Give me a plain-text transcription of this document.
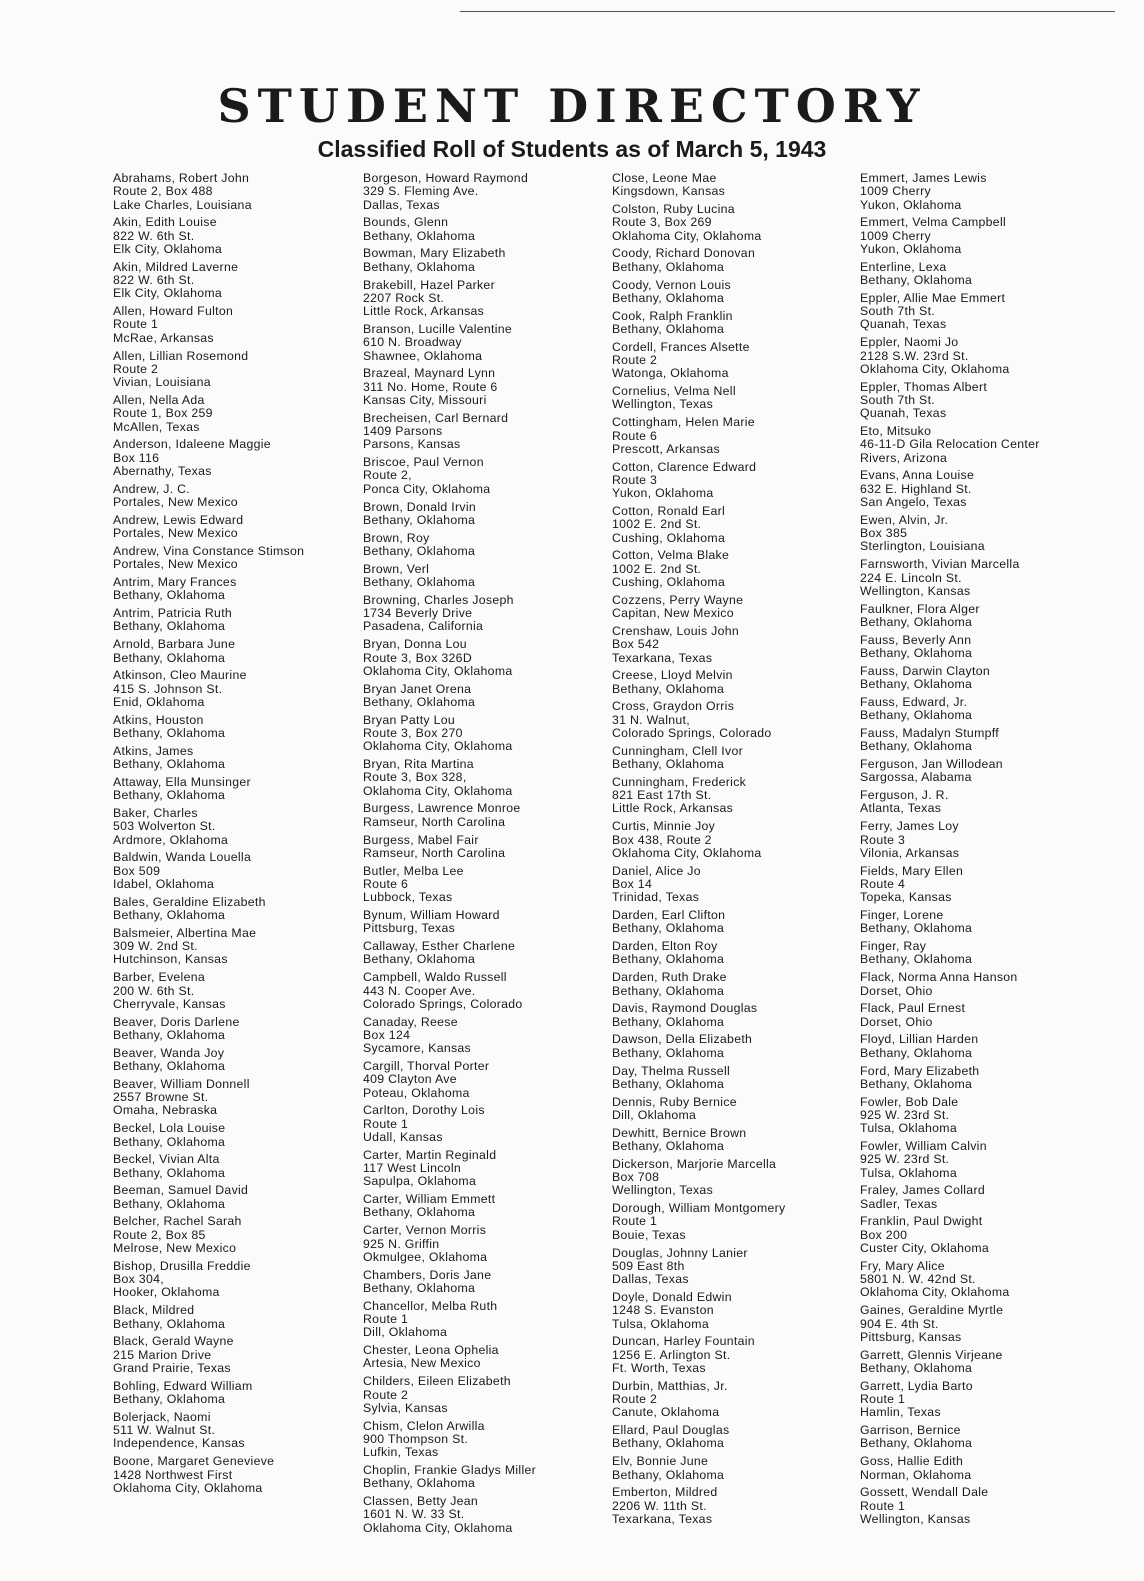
STUDENT DIRECTORY
Classified Roll of Students as of March 5, 1943
Abrahams, Robert John
Route 2, Box 488
Lake Charles, Louisiana
Akin, Edith Louise
822 W. 6th St.
Elk City, Oklahoma
Akin, Mildred Laverne
822 W. 6th St.
Elk City, Oklahoma
Allen, Howard Fulton
Route 1
McRae, Arkansas
Allen, Lillian Rosemond
Route 2
Vivian, Louisiana
Allen, Nella Ada
Route 1, Box 259
McAllen, Texas
Anderson, Idaleene Maggie
Box 116
Abernathy, Texas
Andrew, J. C.
Portales, New Mexico
Andrew, Lewis Edward
Portales, New Mexico
Andrew, Vina Constance Stimson
Portales, New Mexico
Antrim, Mary Frances
Bethany, Oklahoma
Antrim, Patricia Ruth
Bethany, Oklahoma
Arnold, Barbara June
Bethany, Oklahoma
Atkinson, Cleo Maurine
415 S. Johnson St.
Enid, Oklahoma
Atkins, Houston
Bethany, Oklahoma
Atkins, James
Bethany, Oklahoma
Attaway, Ella Munsinger
Bethany, Oklahoma
Baker, Charles
503 Wolverton St.
Ardmore, Oklahoma
Baldwin, Wanda Louella
Box 509
Idabel, Oklahoma
Bales, Geraldine Elizabeth
Bethany, Oklahoma
Balsmeier, Albertina Mae
309 W. 2nd St.
Hutchinson, Kansas
Barber, Evelena
200 W. 6th St.
Cherryvale, Kansas
Beaver, Doris Darlene
Bethany, Oklahoma
Beaver, Wanda Joy
Bethany, Oklahoma
Beaver, William Donnell
2557 Browne St.
Omaha, Nebraska
Beckel, Lola Louise
Bethany, Oklahoma
Beckel, Vivian Alta
Bethany, Oklahoma
Beeman, Samuel David
Bethany, Oklahoma
Belcher, Rachel Sarah
Route 2, Box 85
Melrose, New Mexico
Bishop, Drusilla Freddie
Box 304,
Hooker, Oklahoma
Black, Mildred
Bethany, Oklahoma
Black, Gerald Wayne
215 Marion Drive
Grand Prairie, Texas
Bohling, Edward William
Bethany, Oklahoma
Bolerjack, Naomi
511 W. Walnut St.
Independence, Kansas
Boone, Margaret Genevieve
1428 Northwest First
Oklahoma City, Oklahoma
Borgeson, Howard Raymond
329 S. Fleming Ave.
Dallas, Texas
Bounds, Glenn
Bethany, Oklahoma
Bowman, Mary Elizabeth
Bethany, Oklahoma
Brakebill, Hazel Parker
2207 Rock St.
Little Rock, Arkansas
Branson, Lucille Valentine
610 N. Broadway
Shawnee, Oklahoma
Brazeal, Maynard Lynn
311 No. Home, Route 6
Kansas City, Missouri
Brecheisen, Carl Bernard
1409 Parsons
Parsons, Kansas
Briscoe, Paul Vernon
Route 2,
Ponca City, Oklahoma
Brown, Donald Irvin
Bethany, Oklahoma
Brown, Roy
Bethany, Oklahoma
Brown, Verl
Bethany, Oklahoma
Browning, Charles Joseph
1734 Beverly Drive
Pasadena, California
Bryan, Donna Lou
Route 3, Box 326D
Oklahoma City, Oklahoma
Bryan Janet Orena
Bethany, Oklahoma
Bryan Patty Lou
Route 3, Box 270
Oklahoma City, Oklahoma
Bryan, Rita Martina
Route 3, Box 328,
Oklahoma City, Oklahoma
Burgess, Lawrence Monroe
Ramseur, North Carolina
Burgess, Mabel Fair
Ramseur, North Carolina
Butler, Melba Lee
Route 6
Lubbock, Texas
Bynum, William Howard
Pittsburg, Texas
Callaway, Esther Charlene
Bethany, Oklahoma
Campbell, Waldo Russell
443 N. Cooper Ave.
Colorado Springs, Colorado
Canaday, Reese
Box 124
Sycamore, Kansas
Cargill, Thorval Porter
409 Clayton Ave
Poteau, Oklahoma
Carlton, Dorothy Lois
Route 1
Udall, Kansas
Carter, Martin Reginald
117 West Lincoln
Sapulpa, Oklahoma
Carter, William Emmett
Bethany, Oklahoma
Carter, Vernon Morris
925 N. Griffin
Okmulgee, Oklahoma
Chambers, Doris Jane
Bethany, Oklahoma
Chancellor, Melba Ruth
Route 1
Dill, Oklahoma
Chester, Leona Ophelia
Artesia, New Mexico
Childers, Eileen Elizabeth
Route 2
Sylvia, Kansas
Chism, Clelon Arwilla
900 Thompson St.
Lufkin, Texas
Choplin, Frankie Gladys Miller
Bethany, Oklahoma
Classen, Betty Jean
1601 N. W. 33 St.
Oklahoma City, Oklahoma
Close, Leone Mae
Kingsdown, Kansas
Colston, Ruby Lucina
Route 3, Box 269
Oklahoma City, Oklahoma
Coody, Richard Donovan
Bethany, Oklahoma
Coody, Vernon Louis
Bethany, Oklahoma
Cook, Ralph Franklin
Bethany, Oklahoma
Cordell, Frances Alsette
Route 2
Watonga, Oklahoma
Cornelius, Velma Nell
Wellington, Texas
Cottingham, Helen Marie
Route 6
Prescott, Arkansas
Cotton, Clarence Edward
Route 3
Yukon, Oklahoma
Cotton, Ronald Earl
1002 E. 2nd St.
Cushing, Oklahoma
Cotton, Velma Blake
1002 E. 2nd St.
Cushing, Oklahoma
Cozzens, Perry Wayne
Capitan, New Mexico
Crenshaw, Louis John
Box 542
Texarkana, Texas
Creese, Lloyd Melvin
Bethany, Oklahoma
Cross, Graydon Orris
31 N. Walnut,
Colorado Springs, Colorado
Cunningham, Clell Ivor
Bethany, Oklahoma
Cunningham, Frederick
821 East 17th St.
Little Rock, Arkansas
Curtis, Minnie Joy
Box 438, Route 2
Oklahoma City, Oklahoma
Daniel, Alice Jo
Box 14
Trinidad, Texas
Darden, Earl Clifton
Bethany, Oklahoma
Darden, Elton Roy
Bethany, Oklahoma
Darden, Ruth Drake
Bethany, Oklahoma
Davis, Raymond Douglas
Bethany, Oklahoma
Dawson, Della Elizabeth
Bethany, Oklahoma
Day, Thelma Russell
Bethany, Oklahoma
Dennis, Ruby Bernice
Dill, Oklahoma
Dewhitt, Bernice Brown
Bethany, Oklahoma
Dickerson, Marjorie Marcella
Box 708
Wellington, Texas
Dorough, William Montgomery
Route 1
Bouie, Texas
Douglas, Johnny Lanier
509 East 8th
Dallas, Texas
Doyle, Donald Edwin
1248 S. Evanston
Tulsa, Oklahoma
Duncan, Harley Fountain
1256 E. Arlington St.
Ft. Worth, Texas
Durbin, Matthias, Jr.
Route 2
Canute, Oklahoma
Ellard, Paul Douglas
Bethany, Oklahoma
Elv, Bonnie June
Bethany, Oklahoma
Emberton, Mildred
2206 W. 11th St.
Texarkana, Texas
Emmert, James Lewis
1009 Cherry
Yukon, Oklahoma
Emmert, Velma Campbell
1009 Cherry
Yukon, Oklahoma
Enterline, Lexa
Bethany, Oklahoma
Eppler, Allie Mae Emmert
South 7th St.
Quanah, Texas
Eppler, Naomi Jo
2128 S.W. 23rd St.
Oklahoma City, Oklahoma
Eppler, Thomas Albert
South 7th St.
Quanah, Texas
Eto, Mitsuko
46-11-D Gila Relocation Center
Rivers, Arizona
Evans, Anna Louise
632 E. Highland St.
San Angelo, Texas
Ewen, Alvin, Jr.
Box 385
Sterlington, Louisiana
Farnsworth, Vivian Marcella
224 E. Lincoln St.
Wellington, Kansas
Faulkner, Flora Alger
Bethany, Oklahoma
Fauss, Beverly Ann
Bethany, Oklahoma
Fauss, Darwin Clayton
Bethany, Oklahoma
Fauss, Edward, Jr.
Bethany, Oklahoma
Fauss, Madalyn Stumpff
Bethany, Oklahoma
Ferguson, Jan Willodean
Sargossa, Alabama
Ferguson, J. R.
Atlanta, Texas
Ferry, James Loy
Route 3
Vilonia, Arkansas
Fields, Mary Ellen
Route 4
Topeka, Kansas
Finger, Lorene
Bethany, Oklahoma
Finger, Ray
Bethany, Oklahoma
Flack, Norma Anna Hanson
Dorset, Ohio
Flack, Paul Ernest
Dorset, Ohio
Floyd, Lillian Harden
Bethany, Oklahoma
Ford, Mary Elizabeth
Bethany, Oklahoma
Fowler, Bob Dale
925 W. 23rd St.
Tulsa, Oklahoma
Fowler, William Calvin
925 W. 23rd St.
Tulsa, Oklahoma
Fraley, James Collard
Sadler, Texas
Franklin, Paul Dwight
Box 200
Custer City, Oklahoma
Fry, Mary Alice
5801 N. W. 42nd St.
Oklahoma City, Oklahoma
Gaines, Geraldine Myrtle
904 E. 4th St.
Pittsburg, Kansas
Garrett, Glennis Virjeane
Bethany, Oklahoma
Garrett, Lydia Barto
Route 1
Hamlin, Texas
Garrison, Bernice
Bethany, Oklahoma
Goss, Hallie Edith
Norman, Oklahoma
Gossett, Wendall Dale
Route 1
Wellington, Kansas
